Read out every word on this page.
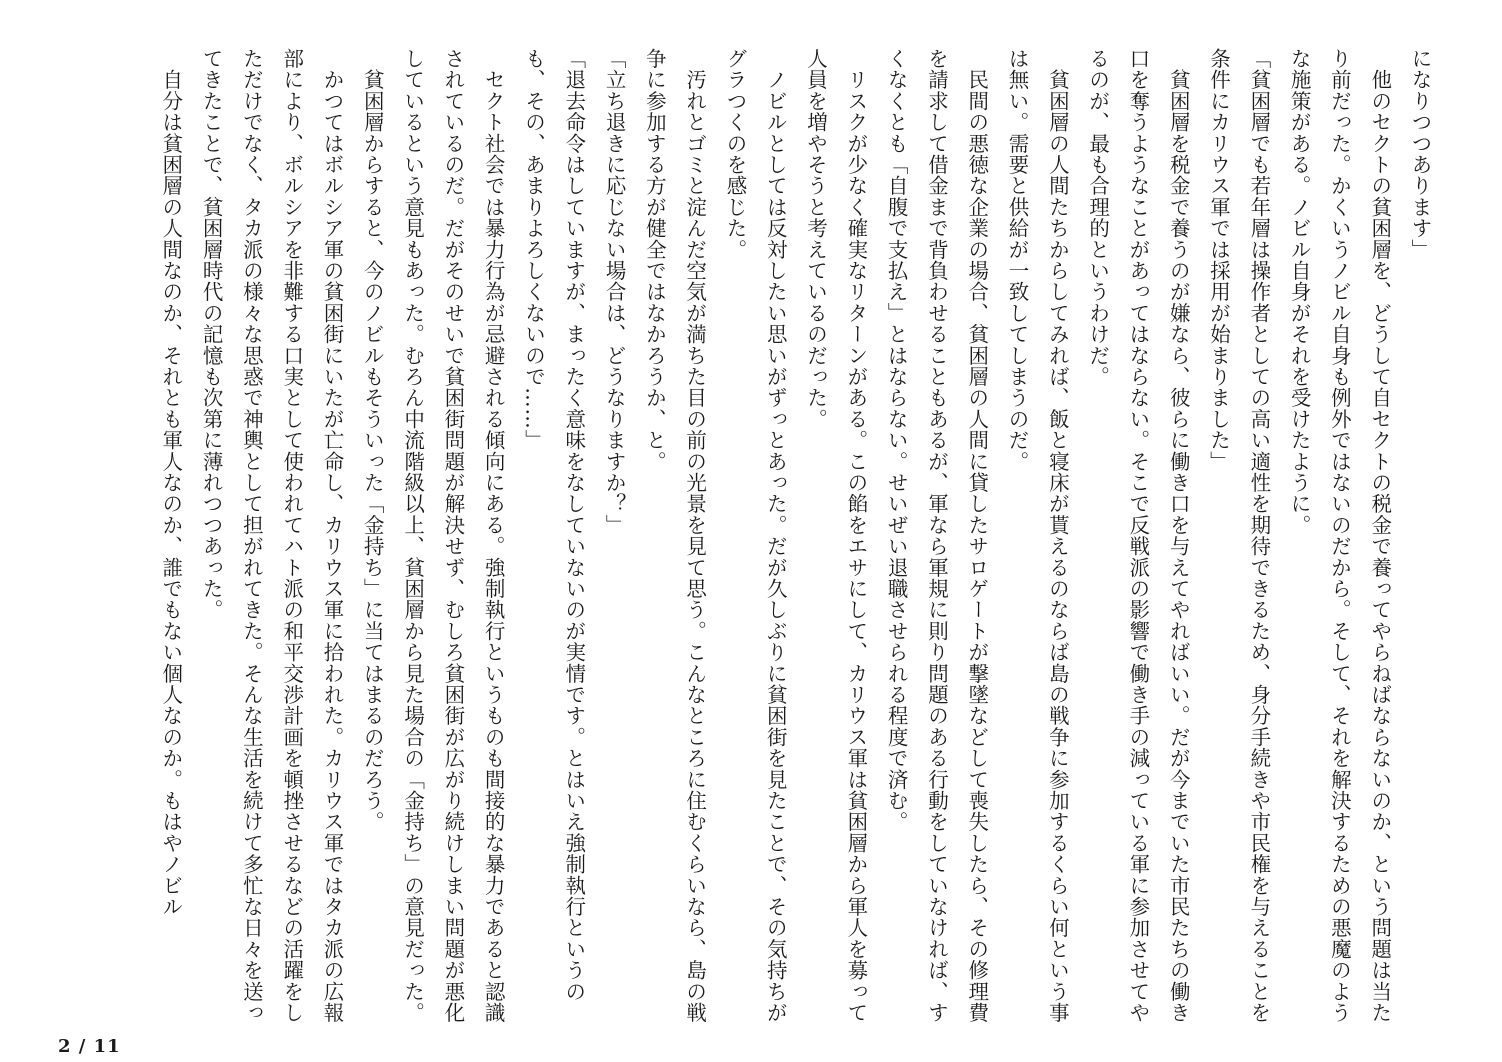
になりつつあります」

　他のセクトの貧困層を、どうして自セクトの税金で養ってやらねばならないのか、という問題は当たり前だった。かくいうノビル自身も例外ではないのだから。そして、それを解決するための悪魔のような施策がある。ノビル自身がそれを受けたように。

「貧困層でも若年層は操作者としての高い適性を期待できるため、身分手続きや市民権を与えることを条件にカリウス軍では採用が始まりました」

　貧困層を税金で養うのが嫌なら、彼らに働き口を与えてやればいい。だが今までいた市民たちの働き口を奪うようなことがあってはならない。そこで反戦派の影響で働き手の減っている軍に参加させてやるのが、最も合理的というわけだ。

　貧困層の人間たちからしてみれば、飯と寝床が貰えるのならば島の戦争に参加するくらい何という事は無い。需要と供給が一致してしまうのだ。

　民間の悪徳な企業の場合、貧困層の人間に貸したサロゲートが撃墜などして喪失したら、その修理費を請求して借金まで背負わせることもあるが、軍なら軍規に則り問題のある行動をしていなければ、すくなくとも「自腹で支払え」とはならない。せいぜい退職させられる程度で済む。

　リスクが少なく確実なリターンがある。この餡をエサにして、カリウス軍は貧困層から軍人を募って人員を増やそうと考えているのだった。

　ノビルとしては反対したい思いがずっとあった。だが久しぶりに貧困街を見たことで、その気持ちがグラつくのを感じた。

　汚れとゴミと淀んだ空気が満ちた目の前の光景を見て思う。こんなところに住むくらいなら、島の戦争に参加する方が健全ではなかろうか、と。

「立ち退きに応じない場合は、どうなりますか？」

「退去命令はしていますが、まったく意味をなしていないのが実情です。とはいえ強制執行というのも、その、あまりよろしくないので……」

　セクト社会では暴力行為が忌避される傾向にある。強制執行というものも間接的な暴力であると認識されているのだ。だがそのせいで貧困街問題が解決せず、むしろ貧困街が広がり続けしまい問題が悪化しているという意見もあった。むろん中流階級以上、貧困層から見た場合の「金持ち」の意見だった。

　貧困層からすると、今のノビルもそういった「金持ち」に当てはまるのだろう。

　かつてはボルシア軍の貧困街にいたが亡命し、カリウス軍に拾われた。カリウス軍ではタカ派の広報部により、ボルシアを非難する口実として使われてハト派の和平交渉計画を頓挫させるなどの活躍をしただけでなく、タカ派の様々な思惑で神輿として担がれてきた。そんな生活を続けて多忙な日々を送ってきたことで、貧困層時代の記憶も次第に薄れつつあった。

　自分は貧困層の人間なのか、それとも軍人なのか、誰でもない個人なのか。もはやノビル

2 / 11
